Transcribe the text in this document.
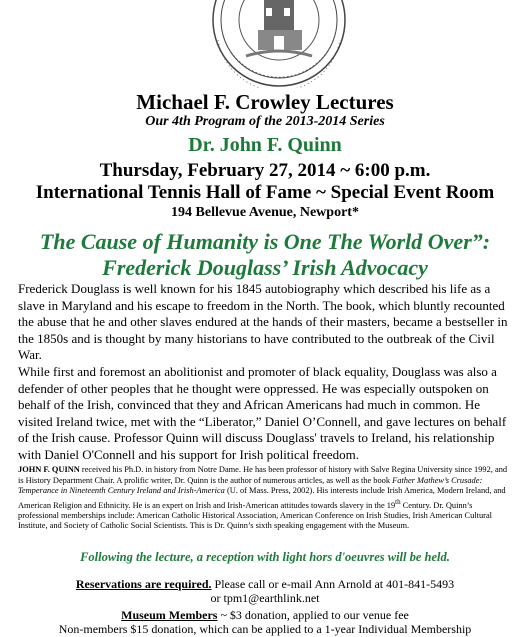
Michael F. Crowley Lectures
Our 4th Program of the 2013-2014 Series
Dr. John F. Quinn
Thursday, February 27, 2014 ~ 6:00 p.m.
International Tennis Hall of Fame ~ Special Event Room
194 Bellevue Avenue, Newport*
The Cause of Humanity is One The World Over”:
Frederick Douglass’ Irish Advocacy
Frederick Douglass is well known for his 1845 autobiography which described his life as a slave in Maryland and his escape to freedom in the North. The book, which bluntly recounted the abuse that he and other slaves endured at the hands of their masters, became a bestseller in the 1850s and is thought by many historians to have contributed to the outbreak of the Civil War.
While first and foremost an abolitionist and promoter of black equality, Douglass was also a defender of other peoples that he thought were oppressed. He was especially outspoken on behalf of the Irish, convinced that they and African Americans had much in common. He visited Ireland twice, met with the “Liberator,” Daniel O’Connell, and gave lectures on behalf of the Irish cause. Professor Quinn will discuss Douglass' travels to Ireland, his relationship with Daniel O'Connell and his support for Irish political freedom.
JOHN F. QUINN received his Ph.D. in history from Notre Dame. He has been professor of history with Salve Regina University since 1992, and is History Department Chair. A prolific writer, Dr. Quinn is the author of numerous articles, as well as the book Father Mathew’s Crusade: Temperance in Nineteenth Century Ireland and Irish-America (U. of Mass. Press, 2002). His interests include Irish America, Modern Ireland, and American Religion and Ethnicity. He is an expert on Irish and Irish-American attitudes towards slavery in the 19th Century. Dr. Quinn’s professional memberships include: American Catholic Historical Association, American Conference on Irish Studies, Irish American Cultural Institute, and Society of Catholic Social Scientists. This is Dr. Quinn’s sixth speaking engagement with the Museum.
Following the lecture, a reception with light hors d'oeuvres will be held.
Reservations are required. Please call or e-mail Ann Arnold at 401-841-5493
or tpm1@earthlink.net
Museum Members ~ $3 donation, applied to our venue fee
Non-members $15 donation, which can be applied to a 1-year Individual Membership
